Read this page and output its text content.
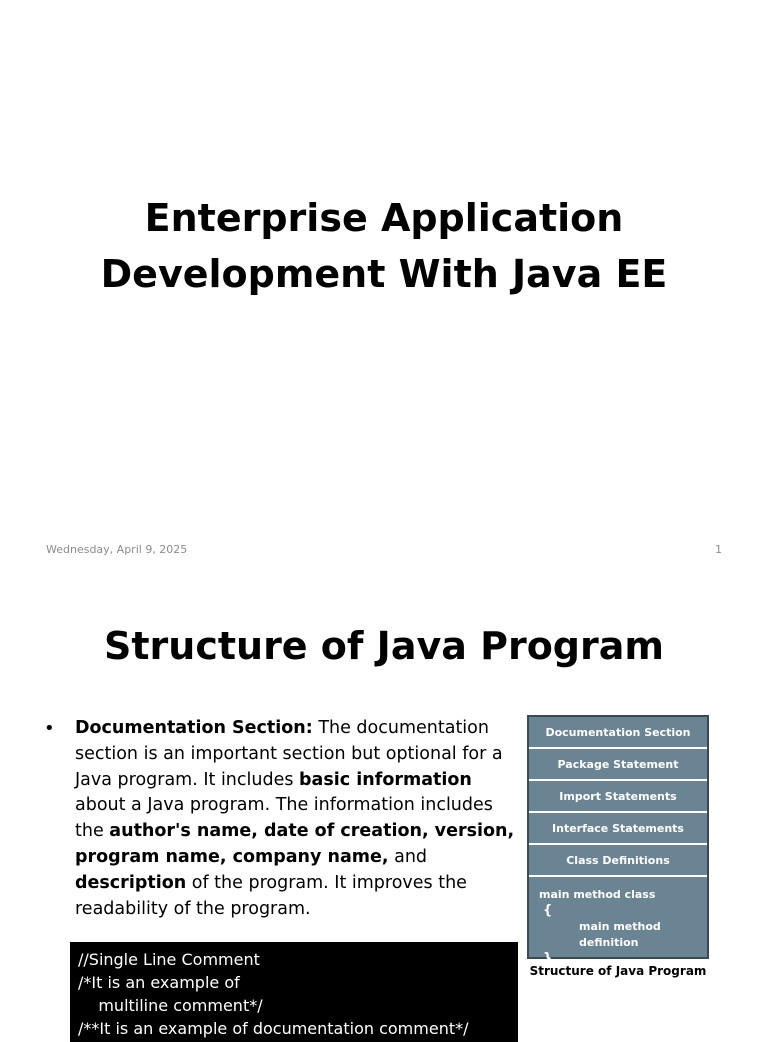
Enterprise Application
Development With Java EE
Wednesday, April 9, 2025	1
Structure of Java Program
• Documentation Section: The documentation section is an important section but optional for a Java program. It includes basic information about a Java program. The information includes the author's name, date of creation, version, program name, company name, and description of the program. It improves the readability of the program.
//Single Line Comment
/*It is an example of
multiline comment*/
/**It is an example of documentation comment*/
Documentation Section
Package Statement
Import Statements
Interface Statements
Class Definitions
main method class
{
main method definition
}
Structure of Java Program
